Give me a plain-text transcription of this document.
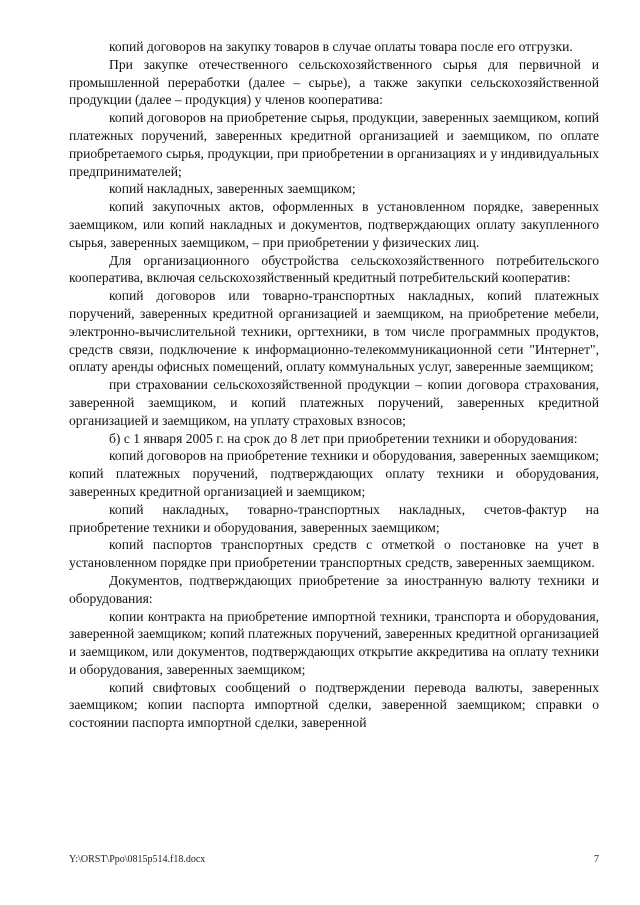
копий договоров на закупку товаров в случае оплаты товара после его отгрузки.

При закупке отечественного сельскохозяйственного сырья для первичной и промышленной переработки (далее – сырье), а также закупки сельскохозяйственной продукции (далее – продукция) у членов кооператива:

копий договоров на приобретение сырья, продукции, заверенных заемщиком, копий платежных поручений, заверенных кредитной организацией и заемщиком, по оплате приобретаемого сырья, продукции, при приобретении в организациях и у индивидуальных предпринимателей;

копий накладных, заверенных заемщиком;

копий закупочных актов, оформленных в установленном порядке, заверенных заемщиком, или копий накладных и документов, подтверждающих оплату закупленного сырья, заверенных заемщиком, – при приобретении у физических лиц.

Для организационного обустройства сельскохозяйственного потребительского кооператива, включая сельскохозяйственный кредитный потребительский кооператив:

копий договоров или товарно-транспортных накладных, копий платежных поручений, заверенных кредитной организацией и заемщиком, на приобретение мебели, электронно-вычислительной техники, оргтехники, в том числе программных продуктов, средств связи, подключение к информационно-телекоммуникационной сети "Интернет", оплату аренды офисных помещений, оплату коммунальных услуг, заверенные заемщиком;

при страховании сельскохозяйственной продукции – копии договора страхования, заверенной заемщиком, и копий платежных поручений, заверенных кредитной организацией и заемщиком, на уплату страховых взносов;

б) с 1 января 2005 г. на срок до 8 лет при приобретении техники и оборудования:

копий договоров на приобретение техники и оборудования, заверенных заемщиком; копий платежных поручений, подтверждающих оплату техники и оборудования, заверенных кредитной организацией и заемщиком;

копий накладных, товарно-транспортных накладных, счетов-фактур на приобретение техники и оборудования, заверенных заемщиком;

копий паспортов транспортных средств с отметкой о постановке на учет в установленном порядке при приобретении транспортных средств, заверенных заемщиком.

Документов, подтверждающих приобретение за иностранную валюту техники и оборудования:

копии контракта на приобретение импортной техники, транспорта и оборудования, заверенной заемщиком; копий платежных поручений, заверенных кредитной организацией и заемщиком, или документов, подтверждающих открытие аккредитива на оплату техники и оборудования, заверенных заемщиком;

копий свифтовых сообщений о подтверждении перевода валюты, заверенных заемщиком; копии паспорта импортной сделки, заверенной заемщиком; справки о состоянии паспорта импортной сделки, заверенной

Y:\ORST\Ppo\0815p514.f18.docx	7
